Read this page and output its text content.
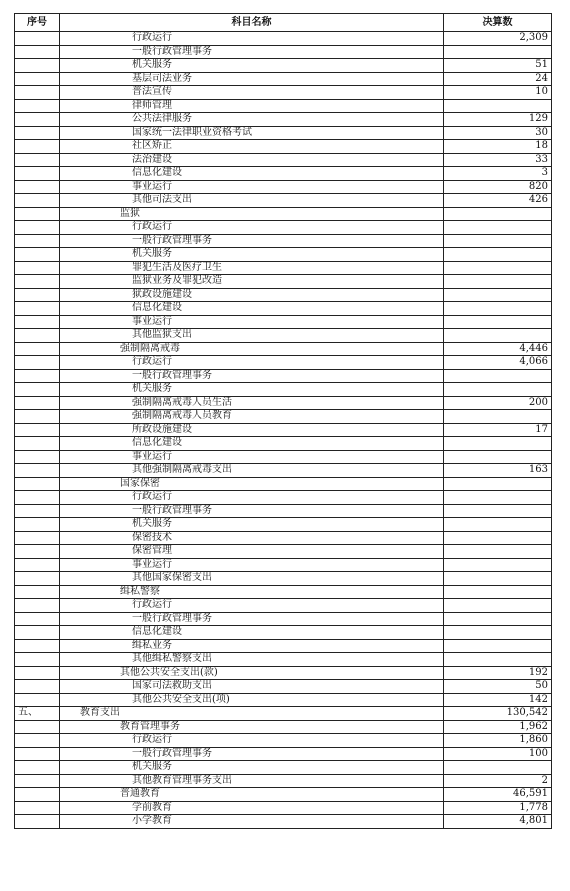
序号	科目名称	决算数
	行政运行	2,309
	一般行政管理事务	
	机关服务	51
	基层司法业务	24
	普法宣传	10
	律师管理	
	公共法律服务	129
	国家统一法律职业资格考试	30
	社区矫正	18
	法治建设	33
	信息化建设	3
	事业运行	820
	其他司法支出	426
	监狱	
	行政运行	
	一般行政管理事务	
	机关服务	
	罪犯生活及医疗卫生	
	监狱业务及罪犯改造	
	狱政设施建设	
	信息化建设	
	事业运行	
	其他监狱支出	
	强制隔离戒毒	4,446
	行政运行	4,066
	一般行政管理事务	
	机关服务	
	强制隔离戒毒人员生活	200
	强制隔离戒毒人员教育	
	所政设施建设	17
	信息化建设	
	事业运行	
	其他强制隔离戒毒支出	163
	国家保密	
	行政运行	
	一般行政管理事务	
	机关服务	
	保密技术	
	保密管理	
	事业运行	
	其他国家保密支出	
	缉私警察	
	行政运行	
	一般行政管理事务	
	信息化建设	
	缉私业务	
	其他缉私警察支出	
	其他公共安全支出(款)	192
	国家司法救助支出	50
	其他公共安全支出(项)	142
五、	教育支出	130,542
	教育管理事务	1,962
	行政运行	1,860
	一般行政管理事务	100
	机关服务	
	其他教育管理事务支出	2
	普通教育	46,591
	学前教育	1,778
	小学教育	4,801
